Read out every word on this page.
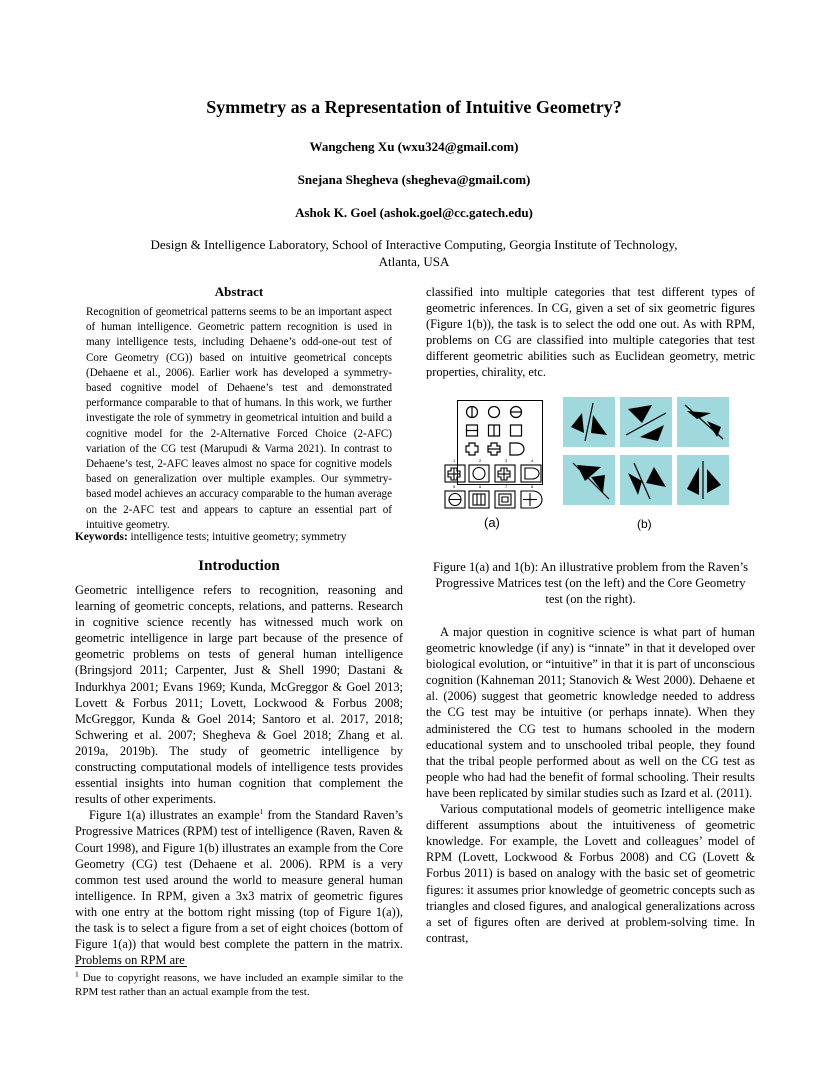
Symmetry as a Representation of Intuitive Geometry?
Wangcheng Xu (wxu324@gmail.com)
Snejana Shegheva (shegheva@gmail.com)
Ashok K. Goel (ashok.goel@cc.gatech.edu)
Design & Intelligence Laboratory, School of Interactive Computing, Georgia Institute of Technology,
Atlanta, USA
Abstract

Recognition of geometrical patterns seems to be an important aspect of human intelligence. Geometric pattern recognition is used in many intelligence tests, including Dehaene’s odd-one-out test of Core Geometry (CG)) based on intuitive geometrical concepts (Dehaene et al., 2006). Earlier work has developed a symmetry-based cognitive model of Dehaene’s test and demonstrated performance comparable to that of humans. In this work, we further investigate the role of symmetry in geometrical intuition and build a cognitive model for the 2-Alternative Forced Choice (2-AFC) variation of the CG test (Marupudi & Varma 2021). In contrast to Dehaene’s test, 2-AFC leaves almost no space for cognitive models based on generalization over multiple examples. Our symmetry-based model achieves an accuracy comparable to the human average on the 2-AFC test and appears to capture an essential part of intuitive geometry.

Keywords: intelligence tests; intuitive geometry; symmetry
Introduction

Geometric intelligence refers to recognition, reasoning and learning of geometric concepts, relations, and patterns. Research in cognitive science recently has witnessed much work on geometric intelligence in large part because of the presence of geometric problems on tests of general human intelligence (Bringsjord 2011; Carpenter, Just & Shell 1990; Dastani & Indurkhya 2001; Evans 1969; Kunda, McGreggor & Goel 2013; Lovett & Forbus 2011; Lovett, Lockwood & Forbus 2008; McGreggor, Kunda & Goel 2014; Santoro et al. 2017, 2018; Schwering et al. 2007; Shegheva & Goel 2018; Zhang et al. 2019a, 2019b). The study of geometric intelligence by constructing computational models of intelligence tests provides essential insights into human cognition that complement the results of other experiments.

Figure 1(a) illustrates an example$^1$ from the Standard Raven’s Progressive Matrices (RPM) test of intelligence (Raven, Raven & Court 1998), and Figure 1(b) illustrates an example from the Core Geometry (CG) test (Dehaene et al. 2006). RPM is a very common test used around the world to measure general human intelligence. In RPM, given a 3x3 matrix of geometric figures with one entry at the bottom right missing (top of Figure 1(a)), the task is to select a figure from a set of eight choices (bottom of Figure 1(a)) that would best complete the pattern in the matrix. Problems on RPM are

$^1$ Due to copyright reasons, we have included an example similar to the RPM test rather than an actual example from the test.

classified into multiple categories that test different types of geometric inferences. In CG, given a set of six geometric figures (Figure 1(b)), the task is to select the odd one out. As with RPM, problems on CG are classified into multiple categories that test different geometric abilities such as Euclidean geometry, metric properties, chirality, etc.

1	2	3	4
5	6	7	8
(a)	(b)
Figure 1(a) and 1(b): An illustrative problem from the Raven’s Progressive Matrices test (on the left) and the Core Geometry test (on the right).

A major question in cognitive science is what part of human geometric knowledge (if any) is “innate” in that it developed over biological evolution, or “intuitive” in that it is part of unconscious cognition (Kahneman 2011; Stanovich & West 2000). Dehaene et al. (2006) suggest that geometric knowledge needed to address the CG test may be intuitive (or perhaps innate). When they administered the CG test to humans schooled in the modern educational system and to unschooled tribal people, they found that the tribal people performed about as well on the CG test as people who had had the benefit of formal schooling. Their results have been replicated by similar studies such as Izard et al. (2011).

Various computational models of geometric intelligence make different assumptions about the intuitiveness of geometric knowledge. For example, the Lovett and colleagues’ model of RPM (Lovett, Lockwood & Forbus 2008) and CG (Lovett & Forbus 2011) is based on analogy with the basic set of geometric figures: it assumes prior knowledge of geometric concepts such as triangles and closed figures, and analogical generalizations across a set of figures often are derived at problem-solving time. In contrast,
